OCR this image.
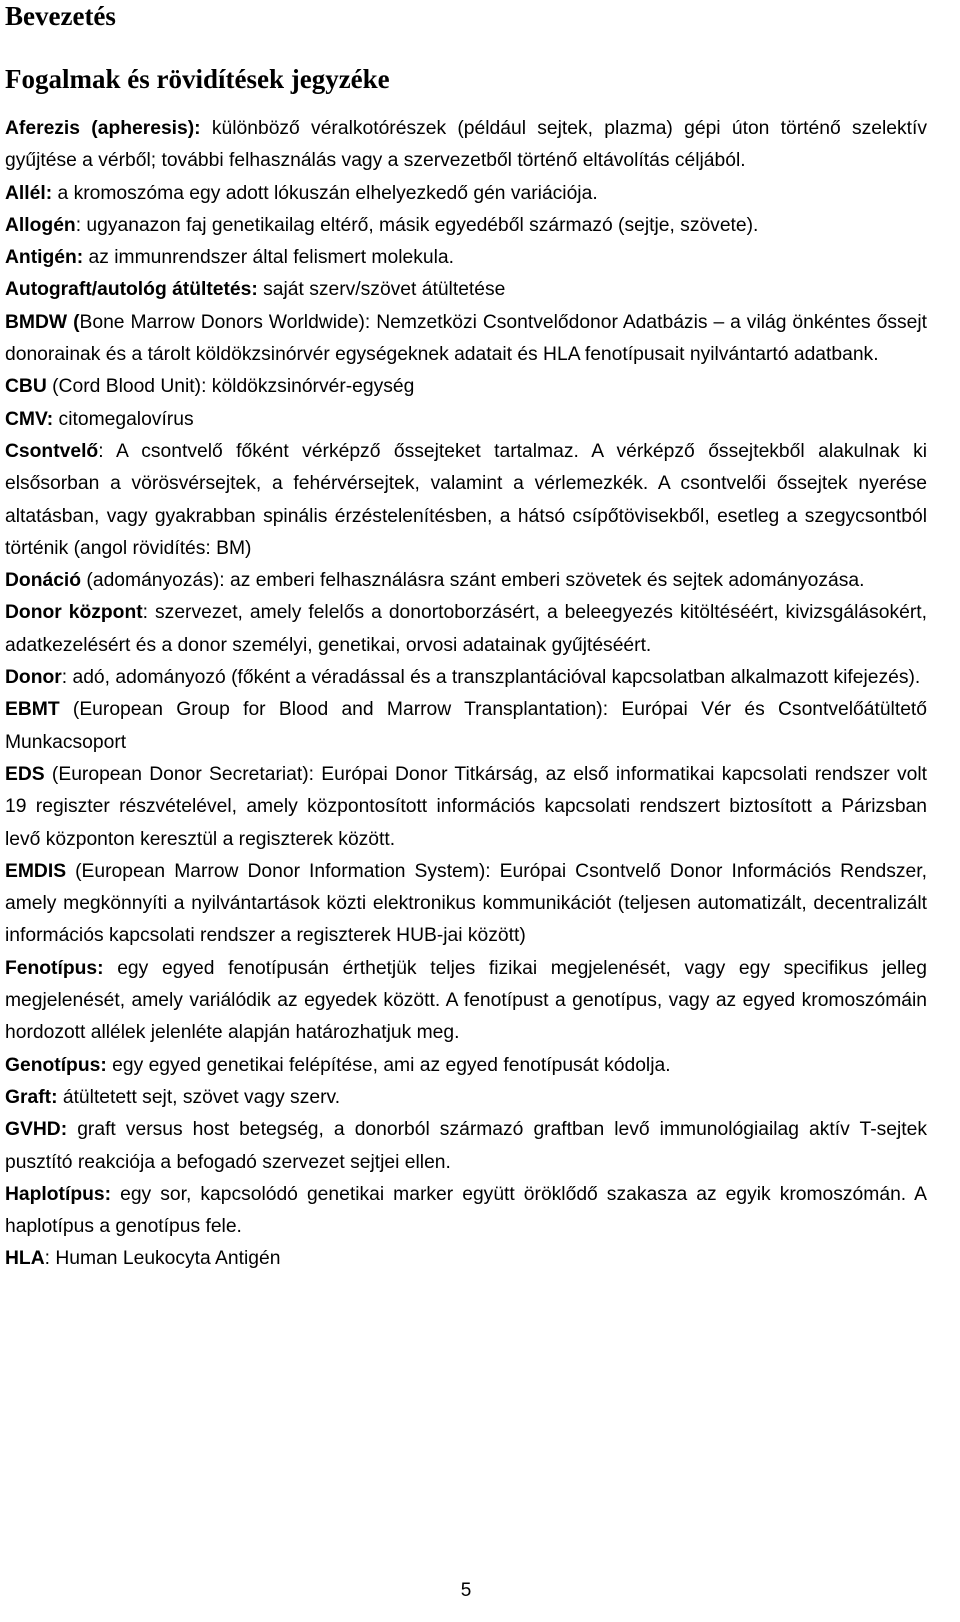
Bevezetés
Fogalmak és rövidítések jegyzéke

Aferezis (apheresis): különböző véralkotórészek (például sejtek, plazma) gépi úton történő szelektív gyűjtése a vérből; további felhasználás vagy a szervezetből történő eltávolítás céljából.

Allél: a kromoszóma egy adott lókuszán elhelyezkedő gén variációja.

Allogén: ugyanazon faj genetikailag eltérő, másik egyedéből származó (sejtje, szövete).

Antigén: az immunrendszer által felismert molekula.

Autograft/autológ átültetés: saját szerv/szövet átültetése

BMDW (Bone Marrow Donors Worldwide): Nemzetközi Csontvelődonor Adatbázis – a világ önkéntes őssejt donorainak és a tárolt köldökzsinórvér egységeknek adatait és HLA fenotípusait nyilvántartó adatbank.

CBU (Cord Blood Unit): köldökzsinórvér-egység

CMV: citomegalovírus

Csontvelő: A csontvelő főként vérképző őssejteket tartalmaz. A vérképző őssejtekből alakulnak ki elsősorban a vörösvérsejtek, a fehérvérsejtek, valamint a vérlemezkék. A csontvelői őssejtek nyerése altatásban, vagy gyakrabban spinális érzéstelenítésben, a hátsó csípőtövisekből, esetleg a szegycsontból történik (angol rövidítés: BM)

Donáció (adományozás): az emberi felhasználásra szánt emberi szövetek és sejtek adományozása.

Donor központ: szervezet, amely felelős a donortoborzásért, a beleegyezés kitöltéséért, kivizsgálásokért, adatkezelésért és a donor személyi, genetikai, orvosi adatainak gyűjtéséért.

Donor: adó, adományozó (főként a véradással és a transzplantációval kapcsolatban alkalmazott kifejezés).

EBMT (European Group for Blood and Marrow Transplantation): Európai Vér és Csontvelőátültető Munkacsoport

EDS (European Donor Secretariat): Európai Donor Titkárság, az első informatikai kapcsolati rendszer volt 19 regiszter részvételével, amely központosított információs kapcsolati rendszert biztosított a Párizsban levő központon keresztül a regiszterek között.

EMDIS (European Marrow Donor Information System): Európai Csontvelő Donor Információs Rendszer, amely megkönnyíti a nyilvántartások közti elektronikus kommunikációt (teljesen automatizált, decentralizált információs kapcsolati rendszer a regiszterek HUB-jai között)

Fenotípus: egy egyed fenotípusán érthetjük teljes fizikai megjelenését, vagy egy specifikus jelleg megjelenését, amely variálódik az egyedek között. A fenotípust a genotípus, vagy az egyed kromoszómáin hordozott allélek jelenléte alapján határozhatjuk meg.

Genotípus: egy egyed genetikai felépítése, ami az egyed fenotípusát kódolja.

Graft: átültetett sejt, szövet vagy szerv.

GVHD: graft versus host betegség, a donorból származó graftban levő immunológiailag aktív T-sejtek pusztító reakciója a befogadó szervezet sejtjei ellen.

Haplotípus: egy sor, kapcsolódó genetikai marker együtt öröklődő szakasza az egyik kromoszómán. A haplotípus a genotípus fele.

HLA: Human Leukocyta Antigén

5
